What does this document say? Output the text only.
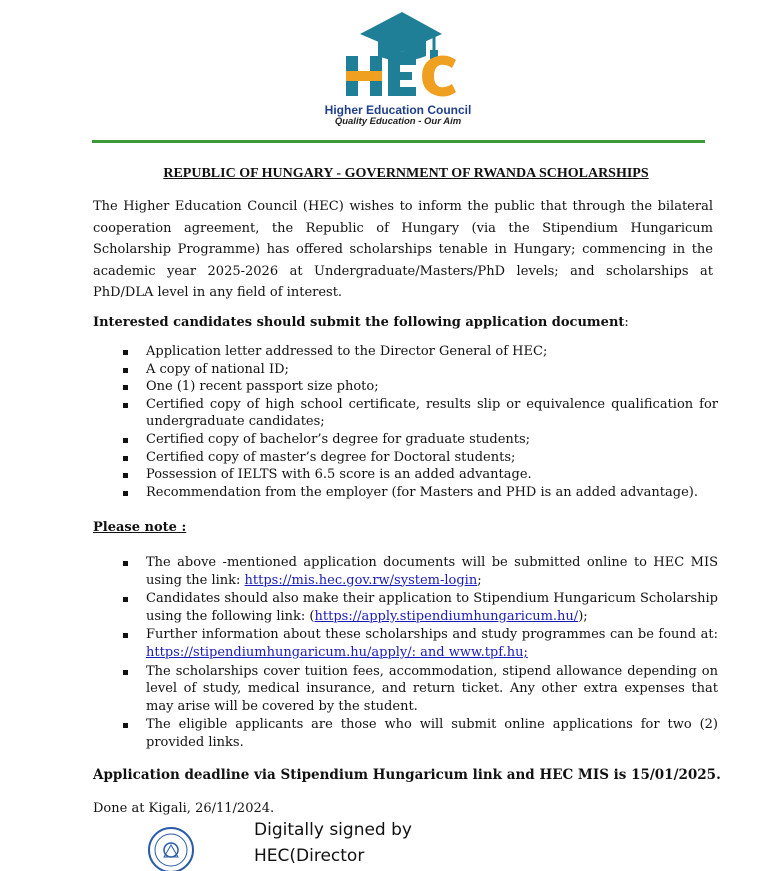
Higher Education Council
Quality Education - Our Aim
REPUBLIC OF HUNGARY - GOVERNMENT OF RWANDA SCHOLARSHIPS
The Higher Education Council (HEC) wishes to inform the public that through the bilateral cooperation agreement, the Republic of Hungary (via the Stipendium Hungaricum Scholarship Programme) has offered scholarships tenable in Hungary; commencing in the academic year 2025-2026 at Undergraduate/Masters/PhD levels; and scholarships at PhD/DLA level in any field of interest.
Interested candidates should submit the following application document:
Application letter addressed to the Director General of HEC;
A copy of national ID;
One (1) recent passport size photo;
Certified copy of high school certificate, results slip or equivalence qualification for undergraduate candidates;
Certified copy of bachelor’s degree for graduate students;
Certified copy of master’s degree for Doctoral students;
Possession of IELTS with 6.5 score is an added advantage.
Recommendation from the employer (for Masters and PHD is an added advantage).
Please note :
The above -mentioned application documents will be submitted online to HEC MIS using the link: https://mis.hec.gov.rw/system-login;
Candidates should also make their application to Stipendium Hungaricum Scholarship using the following link: (https://apply.stipendiumhungaricum.hu/);
Further information about these scholarships and study programmes can be found at: https://stipendiumhungaricum.hu/apply/: and www.tpf.hu;
The scholarships cover tuition fees, accommodation, stipend allowance depending on level of study, medical insurance, and return ticket. Any other extra expenses that may arise will be covered by the student.
The eligible applicants are those who will submit online applications for two (2) provided links.
Application deadline via Stipendium Hungaricum link and HEC MIS is 15/01/2025.
Done at Kigali, 26/11/2024.
Digitally signed by
HEC(Director
